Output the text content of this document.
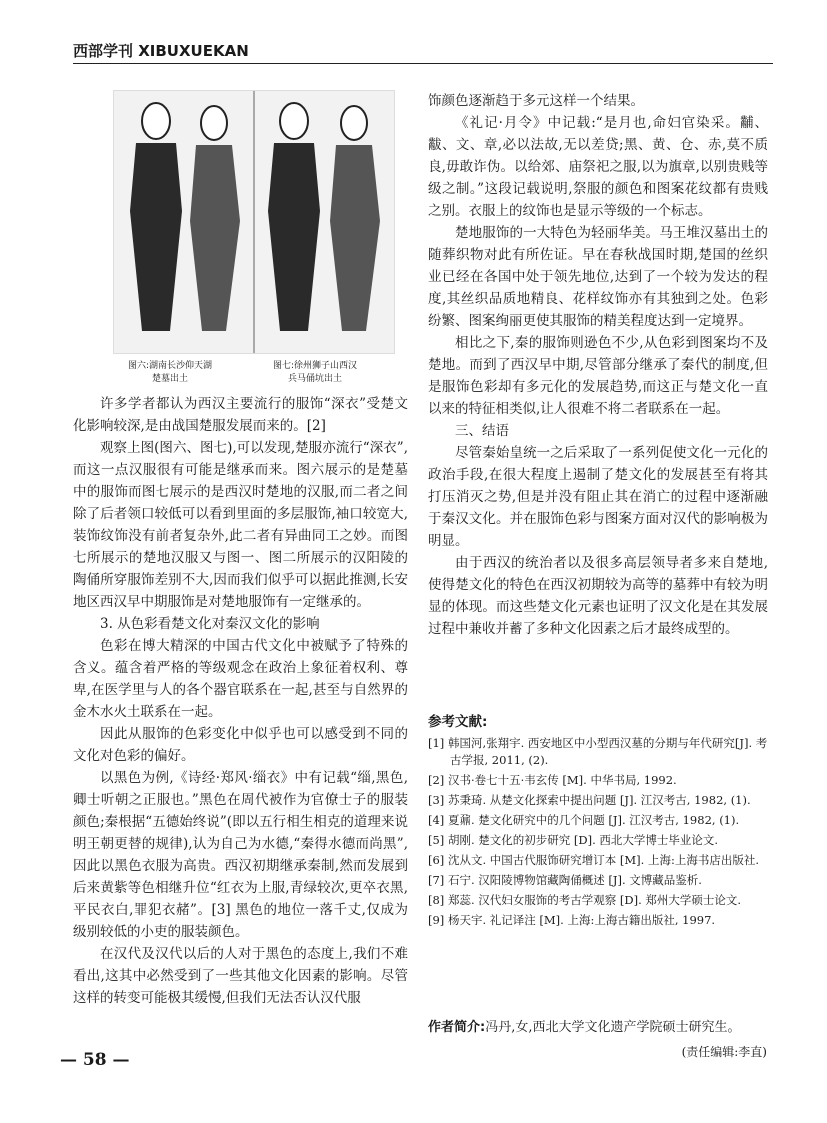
西部学刊 XIBUXUEKAN
图六:湖南长沙仰天湖
楚墓出土
图七:徐州狮子山西汉
兵马俑坑出土

许多学者都认为西汉主要流行的服饰“深衣”受楚文化影响较深,是由战国楚服发展而来的。[2]

观察上图(图六、图七),可以发现,楚服亦流行“深衣”,而这一点汉服很有可能是继承而来。图六展示的是楚墓中的服饰而图七展示的是西汉时楚地的汉服,而二者之间除了后者领口较低可以看到里面的多层服饰,袖口较宽大,装饰纹饰没有前者复杂外,此二者有异曲同工之妙。而图七所展示的楚地汉服又与图一、图二所展示的汉阳陵的陶俑所穿服饰差别不大,因而我们似乎可以据此推测,长安地区西汉早中期服饰是对楚地服饰有一定继承的。

3. 从色彩看楚文化对秦汉文化的影响

色彩在博大精深的中国古代文化中被赋予了特殊的含义。蕴含着严格的等级观念在政治上象征着权利、尊卑,在医学里与人的各个器官联系在一起,甚至与自然界的金木水火土联系在一起。

因此从服饰的色彩变化中似乎也可以感受到不同的文化对色彩的偏好。

以黑色为例,《诗经·郑风·缁衣》中有记载“缁,黑色,卿士听朝之正服也。”黑色在周代被作为官僚士子的服装颜色;秦根据“五德始终说”(即以五行相生相克的道理来说明王朝更替的规律),认为自己为水德,“秦得水德而尚黑”,因此以黑色衣服为高贵。西汉初期继承秦制,然而发展到后来黄紫等色相继升位“红衣为上服,青绿较次,更卒衣黑,平民衣白,罪犯衣赭”。[3] 黑色的地位一落千丈,仅成为级别较低的小吏的服装颜色。

在汉代及汉代以后的人对于黑色的态度上,我们不难看出,这其中必然受到了一些其他文化因素的影响。尽管这样的转变可能极其缓慢,但我们无法否认汉代服

饰颜色逐渐趋于多元这样一个结果。

《礼记·月令》中记载:“是月也,命妇官染采。黼、黻、文、章,必以法故,无以差贷;黑、黄、仓、赤,莫不质良,毋敢诈伪。以给郊、庙祭祀之服,以为旗章,以别贵贱等级之制。”这段记载说明,祭服的颜色和图案花纹都有贵贱之别。衣服上的纹饰也是显示等级的一个标志。

楚地服饰的一大特色为轻丽华美。马王堆汉墓出土的随葬织物对此有所佐证。早在春秋战国时期,楚国的丝织业已经在各国中处于领先地位,达到了一个较为发达的程度,其丝织品质地精良、花样纹饰亦有其独到之处。色彩纷繁、图案绚丽更使其服饰的精美程度达到一定境界。

相比之下,秦的服饰则逊色不少,从色彩到图案均不及楚地。而到了西汉早中期,尽管部分继承了秦代的制度,但是服饰色彩却有多元化的发展趋势,而这正与楚文化一直以来的特征相类似,让人很难不将二者联系在一起。

三、结语

尽管秦始皇统一之后采取了一系列促使文化一元化的政治手段,在很大程度上遏制了楚文化的发展甚至有将其打压消灭之势,但是并没有阻止其在消亡的过程中逐渐融于秦汉文化。并在服饰色彩与图案方面对汉代的影响极为明显。

由于西汉的统治者以及很多高层领导者多来自楚地,使得楚文化的特色在西汉初期较为高等的墓葬中有较为明显的体现。而这些楚文化元素也证明了汉文化是在其发展过程中兼收并蓄了多种文化因素之后才最终成型的。

参考文献:
[1] 韩国河,张翔宇. 西安地区中小型西汉墓的分期与年代研究[J]. 考古学报, 2011, (2).
[2] 汉书·卷七十五·韦玄传 [M]. 中华书局, 1992.
[3] 苏秉琦. 从楚文化探索中提出问题 [J]. 江汉考古, 1982, (1).
[4] 夏鼐. 楚文化研究中的几个问题 [J]. 江汉考古, 1982, (1).
[5] 胡刚. 楚文化的初步研究 [D]. 西北大学博士毕业论文.
[6] 沈从文. 中国古代服饰研究增订本 [M]. 上海:上海书店出版社.
[7] 石宁. 汉阳陵博物馆藏陶俑概述 [J]. 文博藏品鉴析.
[8] 郑蕊. 汉代妇女服饰的考古学观察 [D]. 郑州大学硕士论文.
[9] 杨天宇. 礼记译注 [M]. 上海:上海古籍出版社, 1997.
作者简介:冯丹,女,西北大学文化遗产学院硕士研究生。
(责任编辑:李直)
— 58 —
